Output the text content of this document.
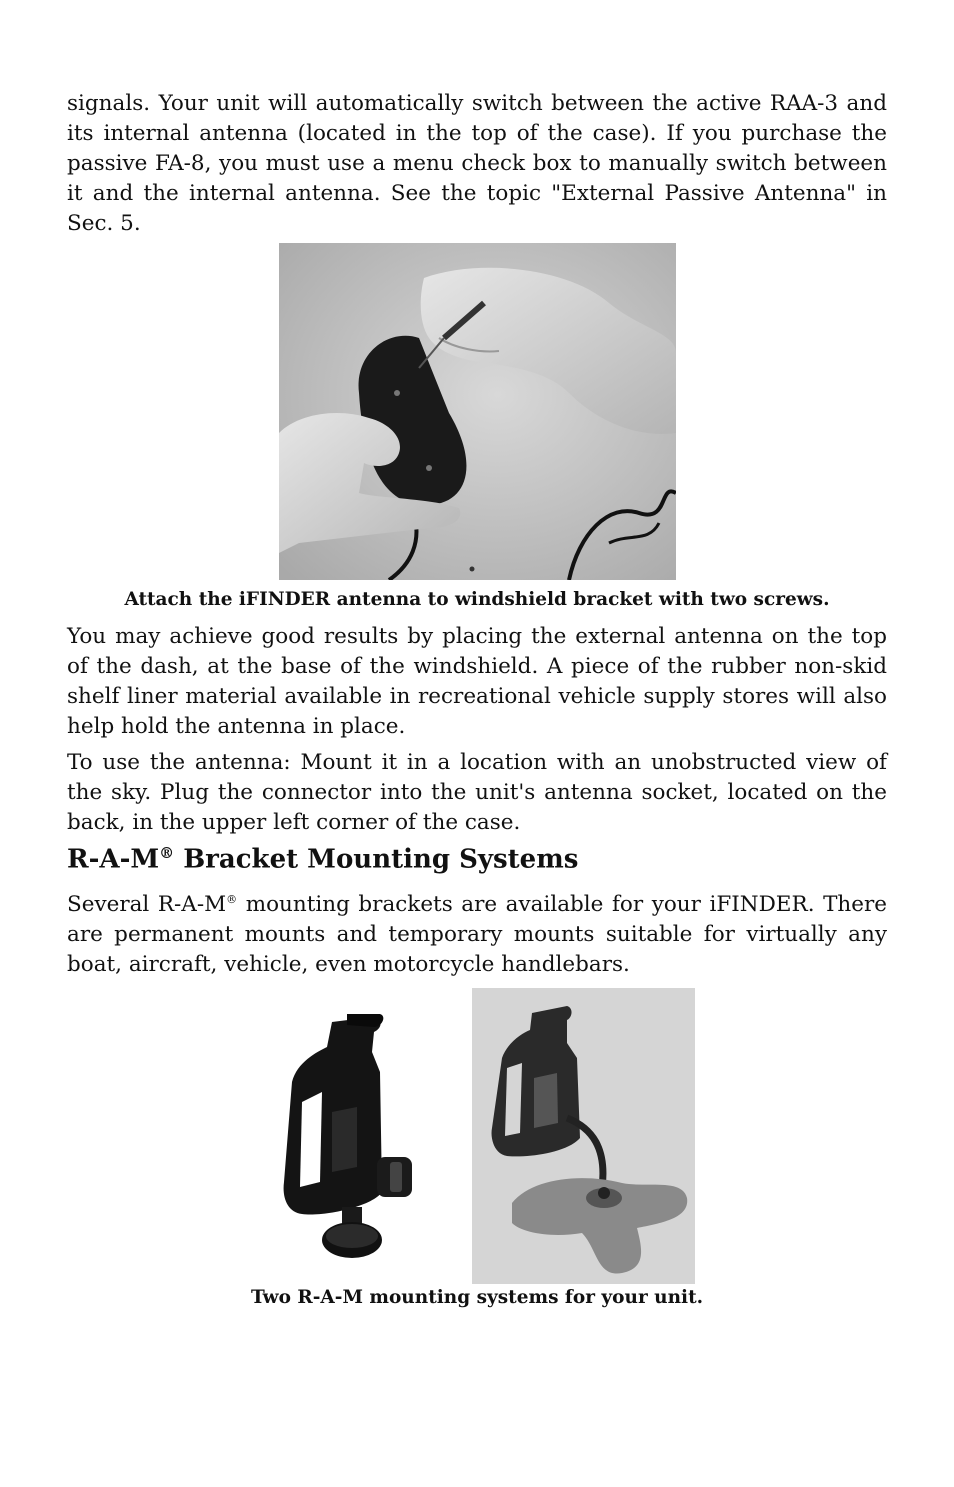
signals. Your unit will automatically switch between the active RAA-3 and its internal antenna (located in the top of the case). If you purchase the passive FA-8, you must use a menu check box to manually switch between it and the internal antenna. See the topic "External Passive Antenna" in Sec. 5.

Attach the iFINDER antenna to windshield bracket with two screws.

You may achieve good results by placing the external antenna on the top of the dash, at the base of the windshield. A piece of the rubber non-skid shelf liner material available in recreational vehicle supply stores will also help hold the antenna in place.

To use the antenna: Mount it in a location with an unobstructed view of the sky. Plug the connector into the unit's antenna socket, located on the back, in the upper left corner of the case.

R-A-M® Bracket Mounting Systems

Several R-A-M® mounting brackets are available for your iFINDER. There are permanent mounts and temporary mounts suitable for virtually any boat, aircraft, vehicle, even motorcycle handlebars.

Two R-A-M mounting systems for your unit.
